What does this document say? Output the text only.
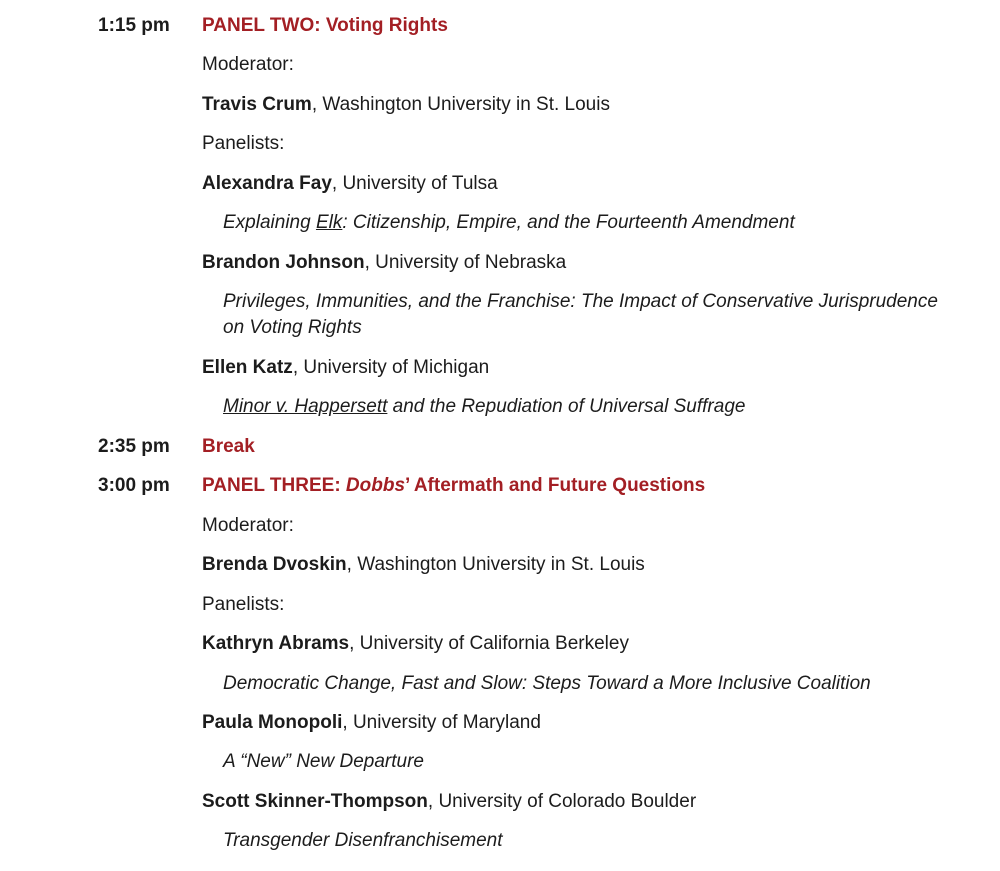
1:15 pm PANEL TWO: Voting Rights
Moderator:
Travis Crum, Washington University in St. Louis
Panelists:
Alexandra Fay, University of Tulsa
Explaining Elk: Citizenship, Empire, and the Fourteenth Amendment
Brandon Johnson, University of Nebraska
Privileges, Immunities, and the Franchise: The Impact of Conservative Jurisprudence
on Voting Rights
Ellen Katz, University of Michigan
Minor v. Happersett and the Repudiation of Universal Suffrage
2:35 pm Break
3:00 pm PANEL THREE: Dobbs’ Aftermath and Future Questions
Moderator:
Brenda Dvoskin, Washington University in St. Louis
Panelists:
Kathryn Abrams, University of California Berkeley
Democratic Change, Fast and Slow: Steps Toward a More Inclusive Coalition
Paula Monopoli, University of Maryland
A “New” New Departure
Scott Skinner-Thompson, University of Colorado Boulder
Transgender Disenfranchisement
